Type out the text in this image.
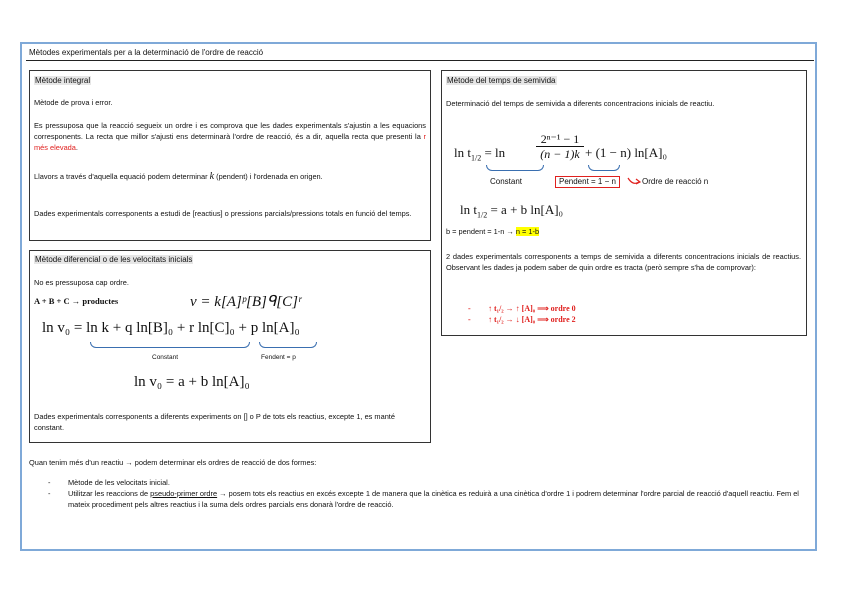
Mètodes experimentals per a la determinació de l'ordre de reacció
Mètode integral
Mètode de prova i error.
Es pressuposa que la reacció segueix un ordre i es comprova que les dades experimentals s'ajustin a les equacions corresponents. La recta que millor s'ajusti ens determinarà l'ordre de reacció, és a dir, aquella recta que presenti la r més elevada.
Llavors a través d'aquella equació podem determinar k (pendent) i l'ordenada en origen.
Dades experimentals corresponents a estudi de [reactius] o pressions parcials/pressions totals en funció del temps.
Mètode diferencial o de les velocitats inicials
No es pressuposa cap ordre.
A + B + C → productes	v = k[A]ᵖ[B]ᑫ[C]ʳ
ln v₀ = ln k + q ln[B]₀ + r ln[C]₀ + p ln[A]₀
Constant	Fendent = p
ln v₀ = a + b ln[A]₀
Dades experimentals corresponents a diferents experiments on [] o P de tots els reactius, excepte 1, es manté constant.
Mètode del temps de semivida
Determinació del temps de semivida a diferents concentracions inicials de reactiu.
$\ln t_{1/2} = \ln$
2ⁿ⁻¹ − 1
(n − 1)k + (1 − n) ln[A]₀
Constant	Pendent = 1 − n	Ordre de reacció n
$\ln t_{1/2} = a + b$ ln[A]₀
b = pendent = 1-n → n = 1-b
2 dades experimentals corresponents a temps de semivida a diferents concentracions inicials de reactius. Observant les dades ja podem saber de quin ordre es tracta (però sempre s'ha de comprovar):
- ↑ t₁/₂ → ↑ [A]₀ ⟹ ordre 0
- ↑ t₁/₂ → ↓ [A]₀ ⟹ ordre 2
Quan tenim més d'un reactiu → podem determinar els ordres de reacció de dos formes:
- Mètode de les velocitats inicial.
- Utilitzar les reaccions de pseudo-primer ordre → posem tots els reactius en excés excepte 1 de manera que la cinètica es reduirà a una cinètica d'ordre 1 i podrem determinar l'ordre parcial de reacció d'aquell reactiu. Fem el mateix procediment pels altres reactius i la suma dels ordres parcials ens donarà l'ordre de reacció.
